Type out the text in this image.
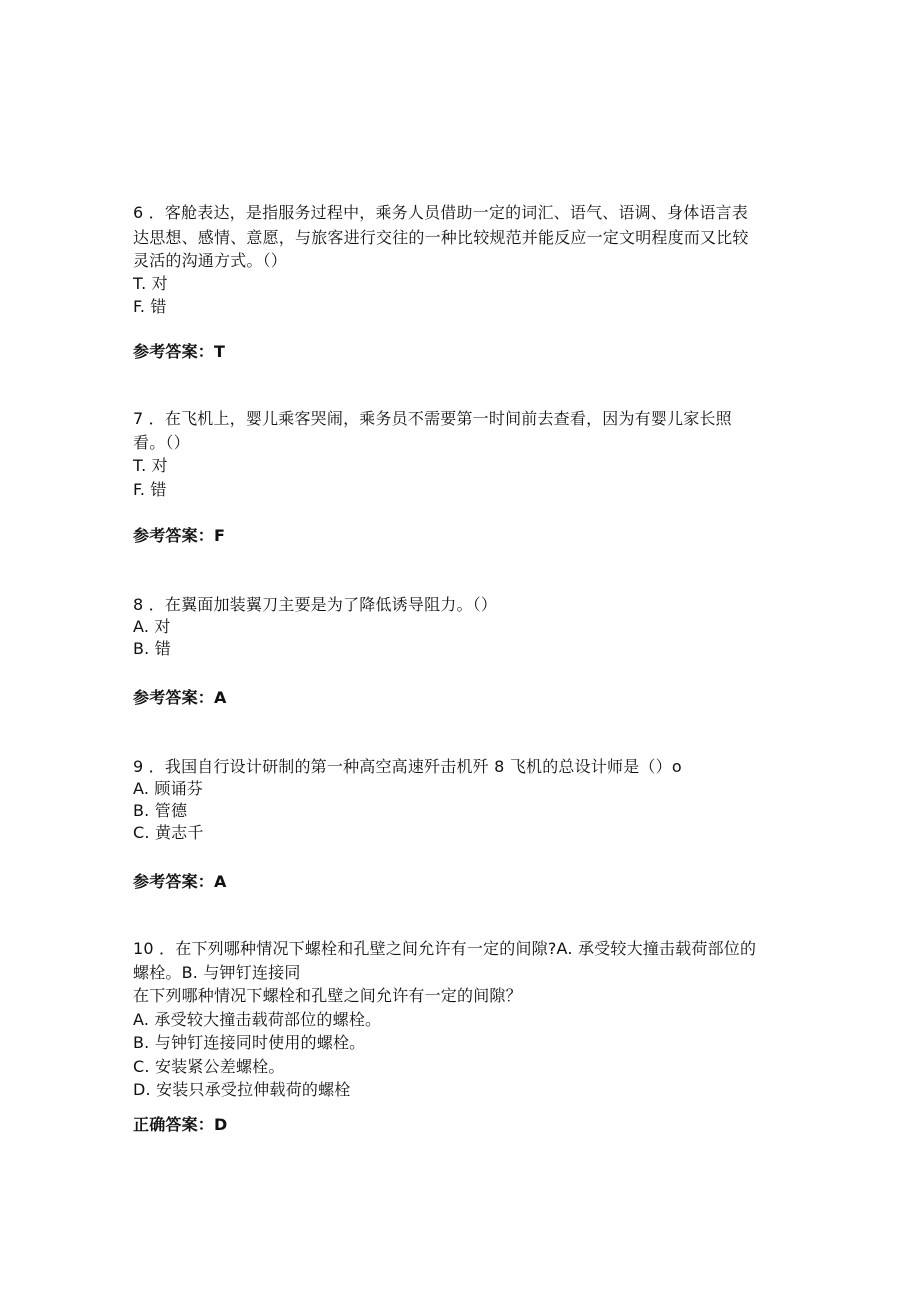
6 ．客舱表达，是指服务过程中，乘务人员借助一定的词汇、语气、语调、身体语言表
达思想、感情、意愿，与旅客进行交往的一种比较规范并能反应一定文明程度而又比较
灵活的沟通方式。（）
T. 对
F. 错
参考答案：T
7 ．在飞机上，婴儿乘客哭闹，乘务员不需要第一时间前去查看，因为有婴儿家长照
看。（）
T. 对
F. 错
参考答案：F
8 ．在翼面加装翼刀主要是为了降低诱导阻力。（）
A. 对
B. 错
参考答案：A
9 ．我国自行设计研制的第一种高空高速歼击机歼 8 飞机的总设计师是（）o
A. 顾诵芬
B. 管德
C. 黄志千
参考答案：A
10 ．在下列哪种情况下螺栓和孔壁之间允许有一定的间隙?A. 承受较大撞击载荷部位的
螺栓。B. 与钾钉连接同
在下列哪种情况下螺栓和孔壁之间允许有一定的间隙？
A. 承受较大撞击载荷部位的螺栓。
B. 与钟钉连接同时使用的螺栓。
C. 安装紧公差螺栓。
D. 安装只承受拉伸载荷的螺栓
正确答案：D
